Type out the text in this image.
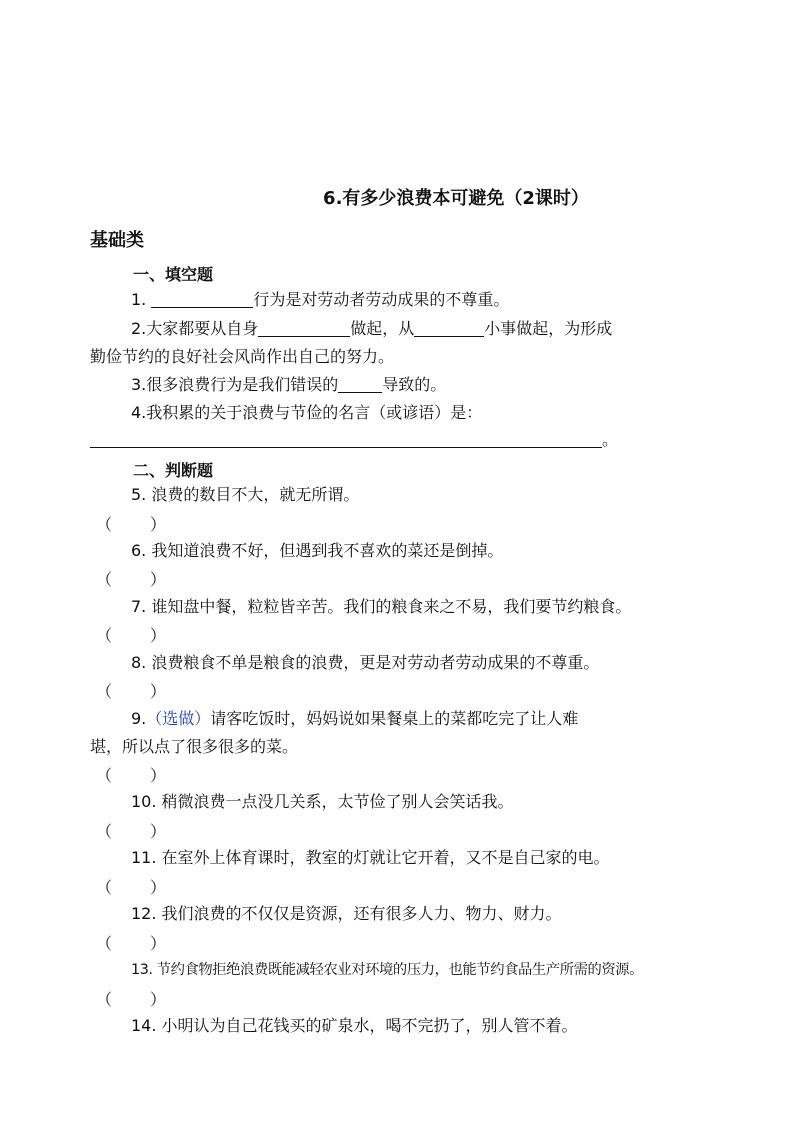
6.有多少浪费本可避免（2课时）
基础类
一、填空题
1.	行为是对劳动者劳动成果的不尊重。
2.大家都要从自身	做起，从	小事做起，为形成
勤俭节约的良好社会风尚作出自己的努力。
3.很多浪费行为是我们错误的	导致的。
4.我积累的关于浪费与节俭的名言（或谚语）是：
。
二、判断题
5. 浪费的数目不大，就无所谓。
（ ）
6. 我知道浪费不好，但遇到我不喜欢的菜还是倒掉。
（ ）
7. 谁知盘中餐，粒粒皆辛苦。我们的粮食来之不易，我们要节约粮食。
（ ）
8. 浪费粮食不单是粮食的浪费，更是对劳动者劳动成果的不尊重。
（ ）
9.（选做）请客吃饭时，妈妈说如果餐桌上的菜都吃完了让人难
堪，所以点了很多很多的菜。
（ ）
10. 稍微浪费一点没几关系，太节俭了别人会笑话我。
（ ）
11. 在室外上体育课时，教室的灯就让它开着，又不是自己家的电。
（ ）
12. 我们浪费的不仅仅是资源，还有很多人力、物力、财力。
（ ）
13. 节约食物拒绝浪费既能减轻农业对环境的压力，也能节约食品生产所需的资源。
（ ）
14. 小明认为自己花钱买的矿泉水，喝不完扔了，别人管不着。
